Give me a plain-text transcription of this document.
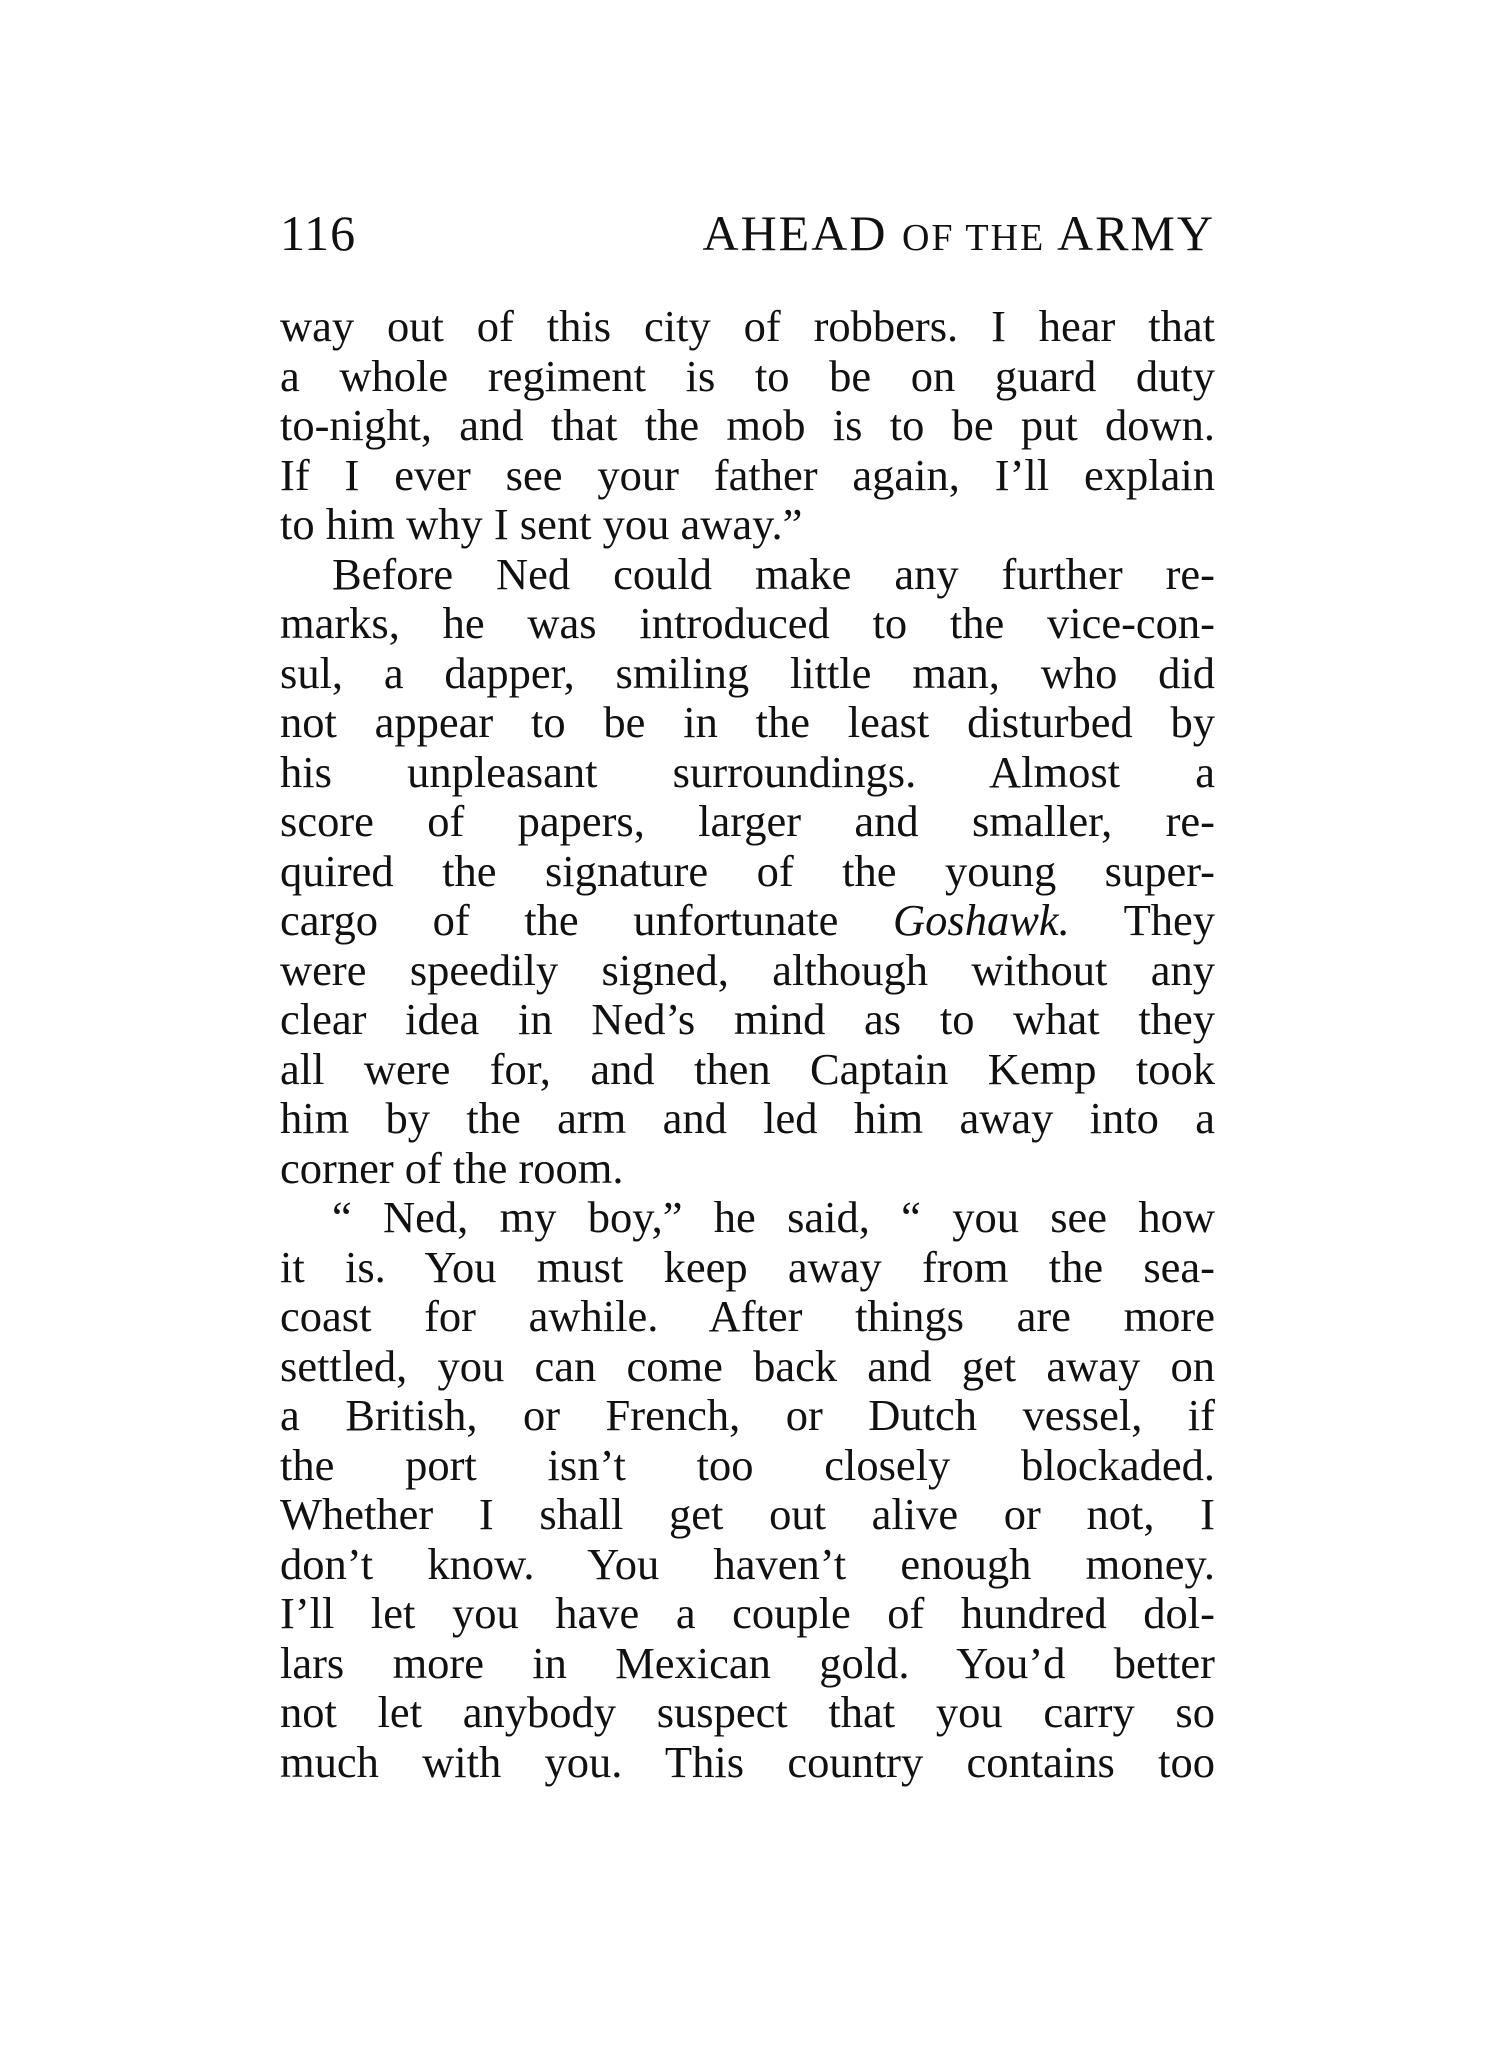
116	AHEAD OF THE ARMY
way out of this city of robbers. I hear that
a whole regiment is to be on guard duty
to-night, and that the mob is to be put down.
If I ever see your father again, I’ll explain
to him why I sent you away.”
Before Ned could make any further re-
marks, he was introduced to the vice-con-
sul, a dapper, smiling little man, who did
not appear to be in the least disturbed by
his unpleasant surroundings. Almost a
score of papers, larger and smaller, re-
quired the signature of the young super-
cargo of the unfortunate Goshawk. They
were speedily signed, although without any
clear idea in Ned’s mind as to what they
all were for, and then Captain Kemp took
him by the arm and led him away into a
corner of the room.
“ Ned, my boy,” he said, “ you see how
it is. You must keep away from the sea-
coast for awhile. After things are more
settled, you can come back and get away on
a British, or French, or Dutch vessel, if
the port isn’t too closely blockaded.
Whether I shall get out alive or not, I
don’t know. You haven’t enough money.
I’ll let you have a couple of hundred dol-
lars more in Mexican gold. You’d better
not let anybody suspect that you carry so
much with you. This country contains too
